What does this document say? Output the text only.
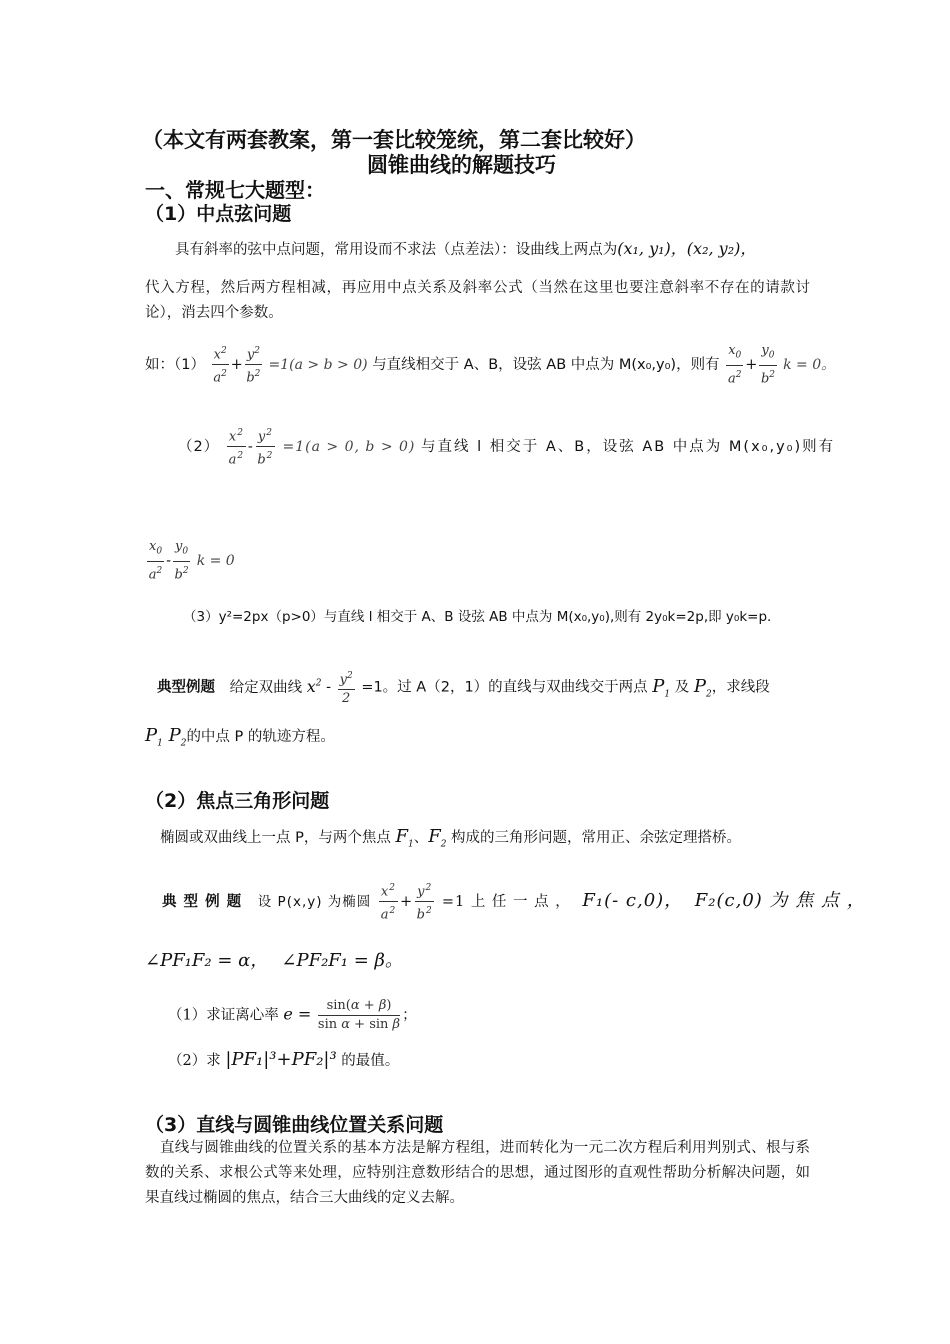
（本文有两套教案，第一套比较笼统，第二套比较好）
圆锥曲线的解题技巧
一、常规七大题型：
（1）中点弦问题
具有斜率的弦中点问题，常用设而不求法（点差法）：设曲线上两点为(x₁, y₁)，(x₂, y₂)，
代入方程，然后两方程相减，再应用中点关系及斜率公式（当然在这里也要注意斜率不存在的请款讨论），消去四个参数。
如：$(1) \frac{x^2}{a^2} + \frac{y^2}{b^2} =1(a > b > 0)$ 与直线相交于 A、B，设弦 AB 中点为 M(x₀,y₀)，则有 $\frac{x_0}{a^2} + \frac{y_0}{b^2}$ k = 0。
$(2) \frac{x^2}{a^2} - \frac{y^2}{b^2} =1(a > 0$, b > 0) 与直线 l 相交于 A、B，设弦 AB 中点为 M(x₀,y₀)则有
$\frac{x_0}{a^2} - \frac{y_0}{b^2}$ k = 0
（3）y²=2px（p>0）与直线 l 相交于 A、B 设弦 AB 中点为 M(x₀,y₀),则有 2y₀k=2p,即 y₀k=p.
典型例题 给定双曲线 $x^2 - \frac{y^2}{2} =1$。过 A（2，1）的直线与双曲线交于两点 $P_1$ 及 $P_2$，求线段
$P_1$ $P_2$的中点 P 的轨迹方程。
（2）焦点三角形问题
椭圆或双曲线上一点 P，与两个焦点 $F_1$、$F_2$ 构成的三角形问题，常用正、余弦定理搭桥。
典 型 例 题 设 P(x,y) 为椭圆 $\frac{x^2}{a^2} + \frac{y^2}{b^2} =1$ 上 任 一 点 ， F₁(- c,0)， F₂(c,0) 为 焦 点 ，
∠PF₁F₂ = α， ∠PF₂F₁ = β。
（1）求证离心率 $e = \frac{\sin(\alpha + \beta)}{\text{sin α + sin β}}$ ；
（2）求 |PF₁|³+PF₂|³ 的最值。
（3）直线与圆锥曲线位置关系问题
直线与圆锥曲线的位置关系的基本方法是解方程组，进而转化为一元二次方程后利用判别式、根与系数的关系、求根公式等来处理，应特别注意数形结合的思想，通过图形的直观性帮助分析解决问题，如果直线过椭圆的焦点，结合三大曲线的定义去解。
